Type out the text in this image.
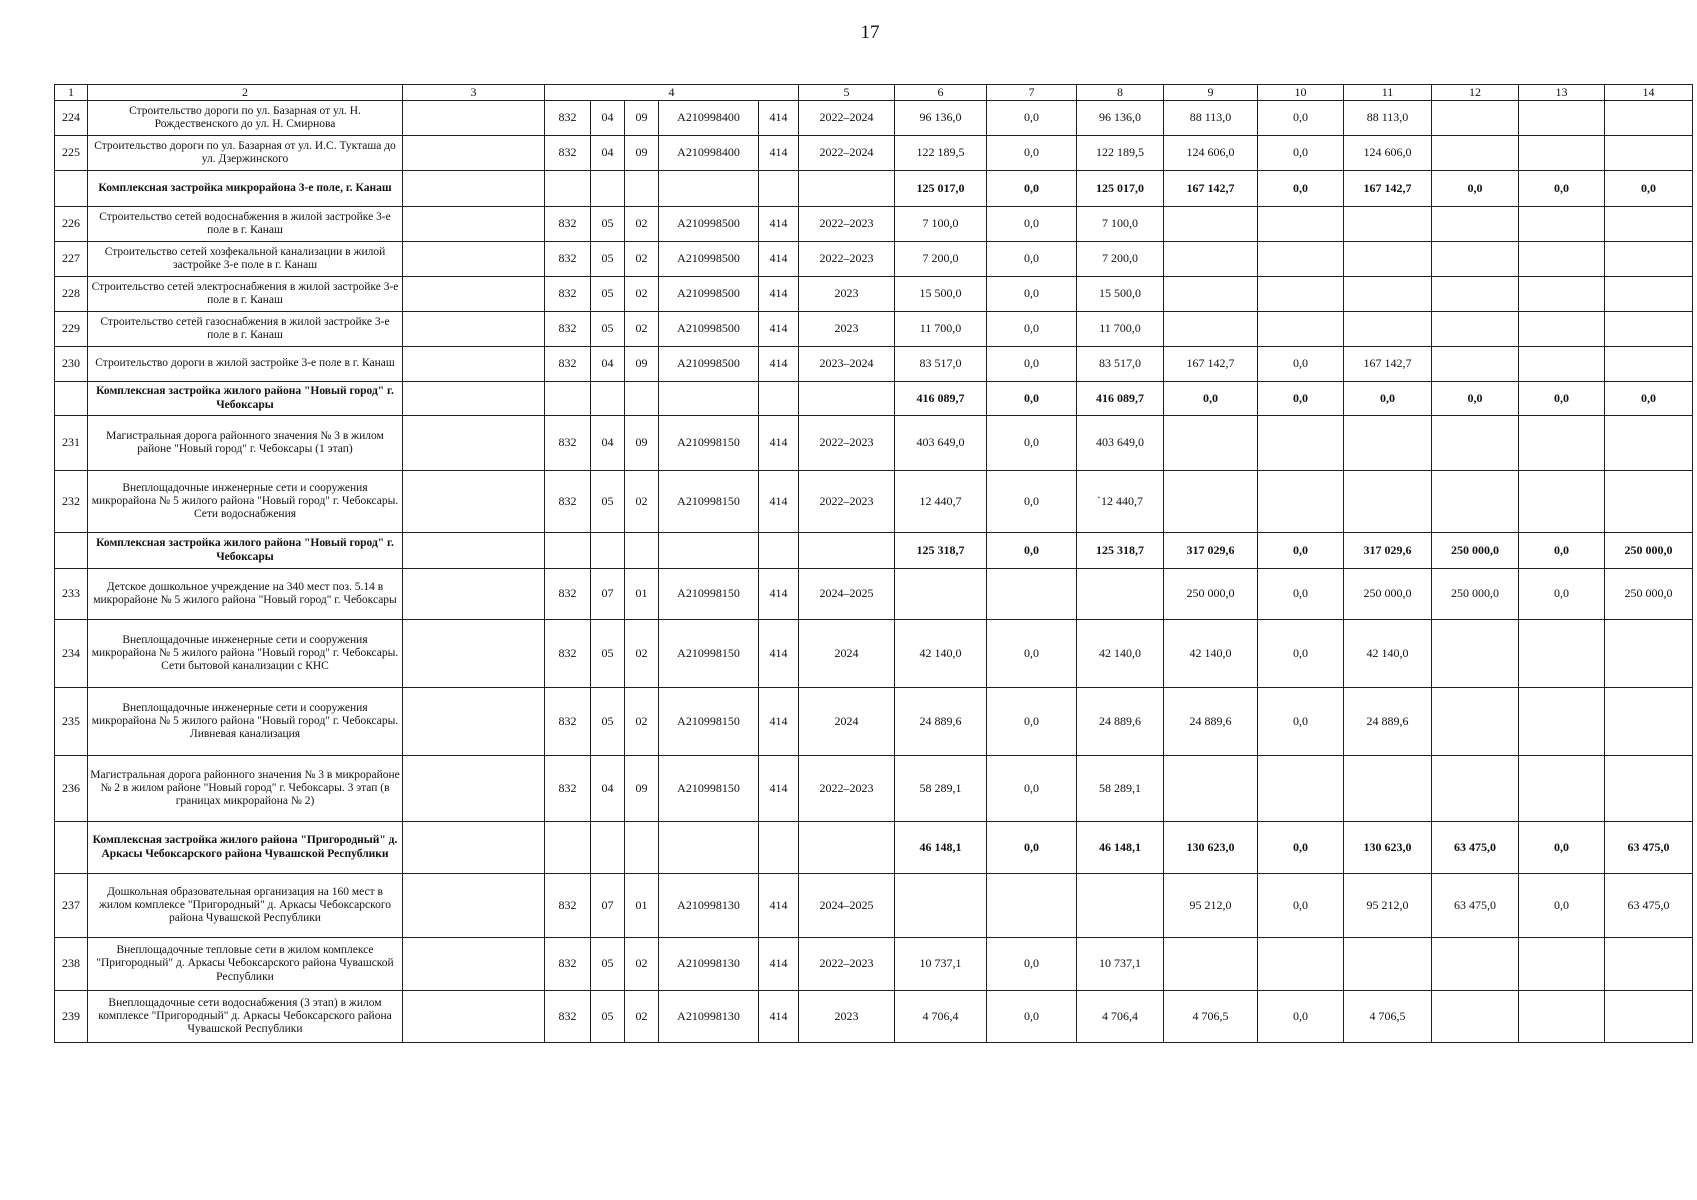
17
1	2	3	4					5	6	7	8	9	10	11	12	13	14
224	Строительство дороги по ул. Базарная от ул. Н. Рождественского до ул. Н. Смирнова		832	04	09	A210998400	414	2022–2024	96 136,0	0,0	96 136,0	88 113,0	0,0	88 113,0			
225	Строительство дороги по ул. Базарная от ул. И.С. Тукташа до ул. Дзержинского		832	04	09	A210998400	414	2022–2024	122 189,5	0,0	122 189,5	124 606,0	0,0	124 606,0			
	Комплексная застройка микрорайона 3-е поле, г. Канаш								125 017,0	0,0	125 017,0	167 142,7	0,0	167 142,7	0,0	0,0	0,0
226	Строительство сетей водоснабжения в жилой застройке 3-е поле в г. Канаш		832	05	02	A210998500	414	2022–2023	7 100,0	0,0	7 100,0						
227	Строительство сетей хозфекальной канализации в жилой застройке 3-е поле в г. Канаш		832	05	02	A210998500	414	2022–2023	7 200,0	0,0	7 200,0						
228	Строительство сетей электроснабжения в жилой застройке 3-е поле в г. Канаш		832	05	02	A210998500	414	2023	15 500,0	0,0	15 500,0						
229	Строительство сетей газоснабжения в жилой застройке 3-е поле в г. Канаш		832	05	02	A210998500	414	2023	11 700,0	0,0	11 700,0						
230	Строительство дороги в жилой застройке 3-е поле в г. Канаш		832	04	09	A210998500	414	2023–2024	83 517,0	0,0	83 517,0	167 142,7	0,0	167 142,7			
	Комплексная застройка жилого района "Новый город" г. Чебоксары								416 089,7	0,0	416 089,7	0,0	0,0	0,0	0,0	0,0	0,0
231	Магистральная дорога районного значения № 3 в жилом районе "Новый город" г. Чебоксары (1 этап)		832	04	09	A210998150	414	2022–2023	403 649,0	0,0	403 649,0						
232	Внеплощадочные инженерные сети и сооружения микрорайона № 5 жилого района "Новый город" г. Чебоксары. Сети водоснабжения		832	05	02	A210998150	414	2022–2023	12 440,7	0,0	`12 440,7						
	Комплексная застройка жилого района "Новый город" г. Чебоксары								125 318,7	0,0	125 318,7	317 029,6	0,0	317 029,6	250 000,0	0,0	250 000,0
233	Детское дошкольное учреждение на 340 мест поз. 5.14 в микрорайоне № 5 жилого района "Новый город" г. Чебоксары		832	07	01	A210998150	414	2024–2025				250 000,0	0,0	250 000,0	250 000,0	0,0	250 000,0
234	Внеплощадочные инженерные сети и сооружения микрорайона № 5 жилого района "Новый город" г. Чебоксары. Сети бытовой канализации с КНС		832	05	02	A210998150	414	2024	42 140,0	0,0	42 140,0	42 140,0	0,0	42 140,0			
235	Внеплощадочные инженерные сети и сооружения микрорайона № 5 жилого района "Новый город" г. Чебоксары. Ливневая канализация		832	05	02	A210998150	414	2024	24 889,6	0,0	24 889,6	24 889,6	0,0	24 889,6			
236	Магистральная дорога районного значения № 3 в микрорайоне № 2 в жилом районе "Новый город" г. Чебоксары. 3 этап (в границах микрорайона № 2)		832	04	09	A210998150	414	2022–2023	58 289,1	0,0	58 289,1						
	Комплексная застройка жилого района "Пригородный" д. Аркасы Чебоксарского района Чувашской Республики								46 148,1	0,0	46 148,1	130 623,0	0,0	130 623,0	63 475,0	0,0	63 475,0
237	Дошкольная образовательная организация на 160 мест в жилом комплексе "Пригородный" д. Аркасы Чебоксарского района Чувашской Республики		832	07	01	A210998130	414	2024–2025				95 212,0	0,0	95 212,0	63 475,0	0,0	63 475,0
238	Внеплощадочные тепловые сети в жилом комплексе "Пригородный" д. Аркасы Чебоксарского района Чувашской Республики		832	05	02	A210998130	414	2022–2023	10 737,1	0,0	10 737,1						
239	Внеплощадочные сети водоснабжения (3 этап) в жилом комплексе "Пригородный" д. Аркасы Чебоксарского района Чувашской Республики		832	05	02	A210998130	414	2023	4 706,4	0,0	4 706,4	4 706,5	0,0	4 706,5			
